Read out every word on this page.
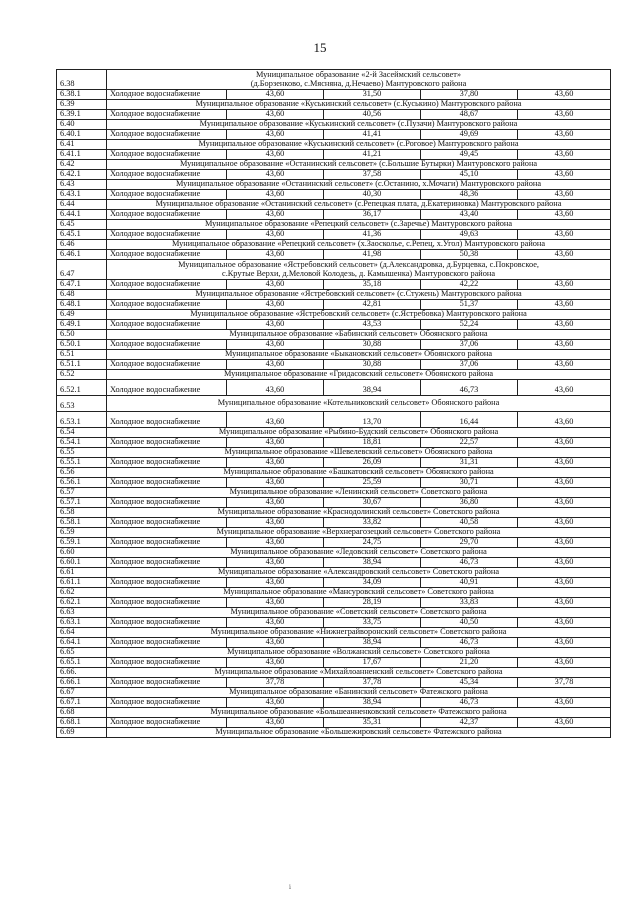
15
6.38	Муниципальное образование «2-й Засеймский сельсовет»
(д.Борзенково, с.Мясняна, д.Нечаево) Мантуровского района				

6.38.1	Холодное водоснабжение	43,60	31,50	37,80	43,60
6.39	Муниципальное образование «Куськинский сельсовет» (с.Куськино) Мантуровского района				

6.39.1	Холодное водоснабжение	43,60	40,56	48,67	43,60
6.40	Муниципальное образование «Куськинский сельсовет» (с.Пузачи) Мантуровского района				

6.40.1	Холодное водоснабжение	43,60	41,41	49,69	43,60
6.41	Муниципальное образование «Куськинский сельсовет» (с.Роговое) Мантуровского района				

6.41.1	Холодное водоснабжение	43,60	41,21	49,45	43,60
6.42	Муниципальное образование «Останинский сельсовет» (с.Большие Бутырки) Мантуровского района				

6.42.1	Холодное водоснабжение	43,60	37,58	45,10	43,60
6.43	Муниципальное образование «Останинский сельсовет» (с.Останино, х.Мочаги) Мантуровского района				

6.43.1	Холодное водоснабжение	43,60	40,30	48,36	43,60
6.44	Муниципальное образование «Останинский сельсовет» (с.Репецкая плата, д.Екатериновка) Мантуровского района				

6.44.1	Холодное водоснабжение	43,60	36,17	43,40	43,60
6.45	Муниципальное образование «Репецкий сельсовет» (с.Заречье) Мантуровского района				

6.45.1	Холодное водоснабжение	43,60	41,36	49,63	43,60
6.46	Муниципальное образование «Репецкий сельсовет» (х.Заосколье, с.Репец, х.Угол) Мантуровского района				

6.46.1	Холодное водоснабжение	43,60	41,98	50,38	43,60
6.47	Муниципальное образование «Ястребовский сельсовет» (д.Александровка, д.Бурцевка, с.Покровское,
с.Крутые Верхи, д.Меловой Колодезь, д. Камышенка) Мантуровского района				

6.47.1	Холодное водоснабжение	43,60	35,18	42,22	43,60
6.48	Муниципальное образование «Ястребовский сельсовет» (с.Стужень) Мантуровского района				

6.48.1	Холодное водоснабжение	43,60	42,81	51,37	43,60
6.49	Муниципальное образование «Ястребовский сельсовет» (с.Ястребовка) Мантуровского района				

6.49.1	Холодное водоснабжение	43,60	43,53	52,24	43,60
6.50	Муниципальное образование «Бабинский сельсовет» Обоянского района				

6.50.1	Холодное водоснабжение	43,60	30,88	37,06	43,60
6.51	Муниципальное образование «Быкановский сельсовет» Обоянского района				

6.51.1	Холодное водоснабжение	43,60	30,88	37,06	43,60
6.52	Муниципальное образование «Гридасовский сельсовет» Обоянского района				

6.52.1	Холодное водоснабжение	43,60	38,94	46,73	43,60
6.53	Муниципальное образование «Котельниковский сельсовет» Обоянского района				

6.53.1	Холодное водоснабжение	43,60	13,70	16,44	43,60
6.54	Муниципальное образование «Рыбино-Будский сельсовет» Обоянского района				

6.54.1	Холодное водоснабжение	43,60	18,81	22,57	43,60
6.55	Муниципальное образование «Шевелевский сельсовет» Обоянского района				

6.55.1	Холодное водоснабжение	43,60	26,09	31,31	43,60
6.56	Муниципальное образование «Башкатовский сельсовет» Обоянского района				

6.56.1	Холодное водоснабжение	43,60	25,59	30,71	43,60
6.57	Муниципальное образование «Ленинский сельсовет» Советского района				

6.57.1	Холодное водоснабжение	43,60	30,67	36,80	43,60
6.58	Муниципальное образование «Краснодолинский сельсовет» Советского района				

6.58.1	Холодное водоснабжение	43,60	33,82	40,58	43,60
6.59	Муниципальное образование «Верхнерагозецкий сельсовет» Советского района				

6.59.1	Холодное водоснабжение	43,60	24,75	29,70	43,60
6.60	Муниципальное образование «Ледовский сельсовет» Советского района				

6.60.1	Холодное водоснабжение	43,60	38,94	46,73	43,60
6.61	Муниципальное образование «Александровский сельсовет» Советского района				

6.61.1	Холодное водоснабжение	43,60	34,09	40,91	43,60
6.62	Муниципальное образование «Мансуровский сельсовет» Советского района				

6.62.1	Холодное водоснабжение	43,60	28,19	33,83	43,60
6.63	Муниципальное образование «Советский сельсовет» Советского района				

6.63.1	Холодное водоснабжение	43,60	33,75	40,50	43,60
6.64	Муниципальное образование «Нижнеграйворонский сельсовет» Советского района				

6.64.1	Холодное водоснабжение	43,60	38,94	46,73	43,60
6.65	Муниципальное образование «Волжанский сельсовет» Советского района				

6.65.1	Холодное водоснабжение	43,60	17,67	21,20	43,60
6.66.	Муниципальное образование «Михайлоанненский сельсовет» Советского района				

6.66.1	Холодное водоснабжение	37,78	37,78	45,34	37,78
6.67	Муниципальное образование «Банинский сельсовет» Фатежского района				

6.67.1	Холодное водоснабжение	43,60	38,94	46,73	43,60
6.68	Муниципальное образование «Большеанненковский сельсовет» Фатежского района				

6.68.1	Холодное водоснабжение	43,60	35,31	42,37	43,60
6.69	Муниципальное образование «Большежировский сельсовет» Фатежского района				
ⅰ
